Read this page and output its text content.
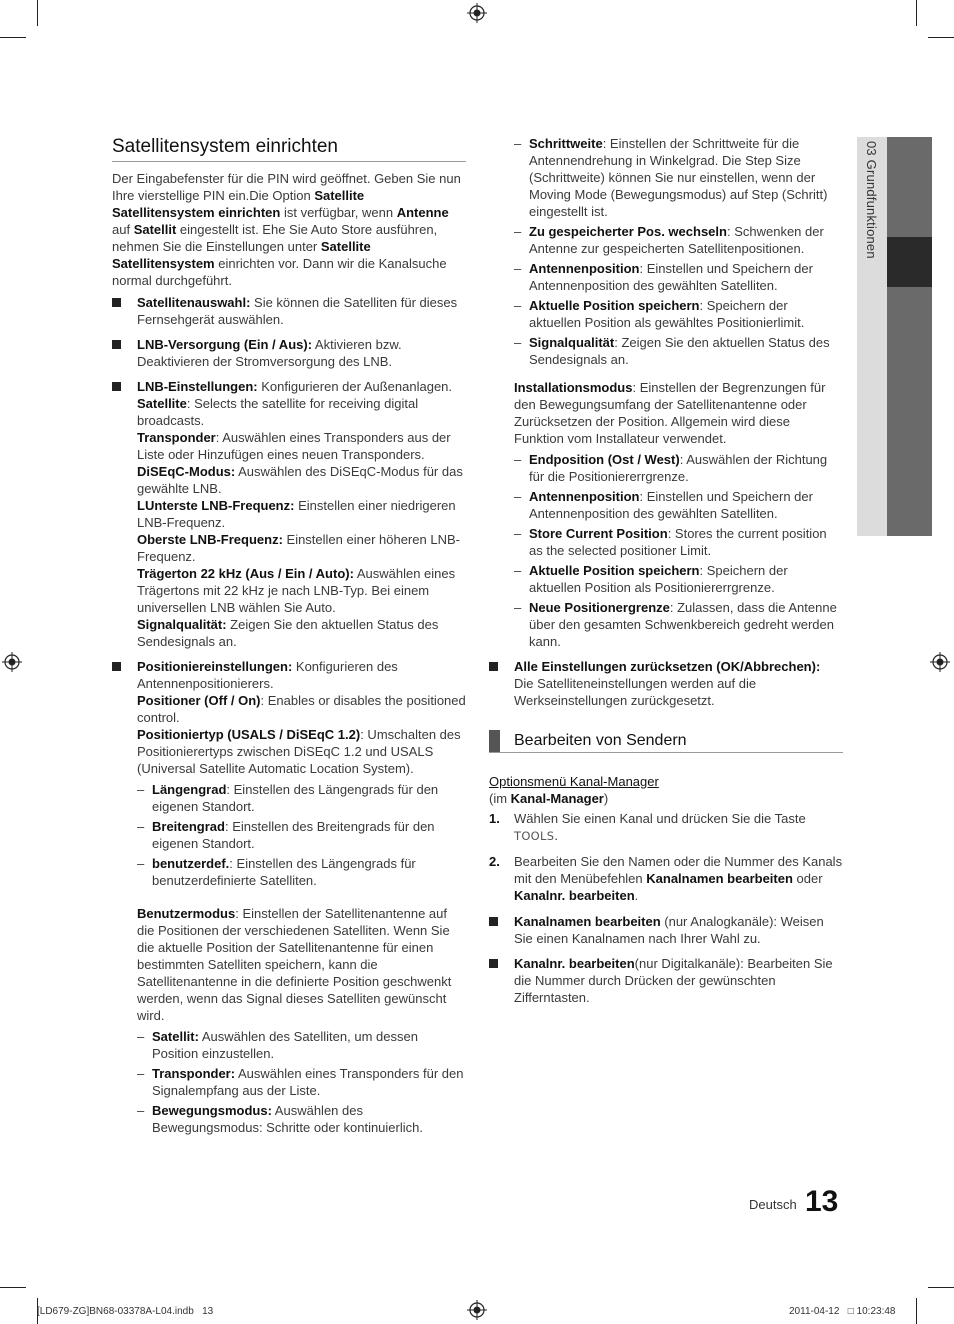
03 Grundfunktionen
Satellitensystem einrichten

Der Eingabefenster für die PIN wird geöffnet. Geben Sie nun Ihre vierstellige PIN ein.Die Option Satellite Satellitensystem einrichten ist verfügbar, wenn Antenne auf Satellit eingestellt ist. Ehe Sie Auto Store ausführen, nehmen Sie die Einstellungen unter Satellite Satellitensystem einrichten vor. Dann wir die Kanalsuche normal durchgeführt.

Satellitenauswahl: Sie können die Satelliten für dieses Fernsehgerät auswählen.

LNB-Versorgung (Ein / Aus): Aktivieren bzw. Deaktivieren der Stromversorgung des LNB.

LNB-Einstellungen: Konfigurieren der Außenanlagen.

Satellite: Selects the satellite for receiving digital broadcasts.

Transponder: Auswählen eines Transponders aus der Liste oder Hinzufügen eines neuen Transponders.

DiSEqC-Modus: Auswählen des DiSEqC-Modus für das gewählte LNB.

LUnterste LNB-Frequenz: Einstellen einer niedrigeren LNB-Frequenz.

Oberste LNB-Frequenz: Einstellen einer höheren LNB-Frequenz.

Trägerton 22 kHz (Aus / Ein / Auto): Auswählen eines Trägertons mit 22 kHz je nach LNB-Typ. Bei einem universellen LNB wählen Sie Auto.

Signalqualität: Zeigen Sie den aktuellen Status des Sendesignals an.

Positioniereinstellungen: Konfigurieren des Antennenpositionierers.

Positioner (Off / On): Enables or disables the positioned control.

Positioniertyp (USALS / DiSEqC 1.2): Umschalten des Positionierertyps zwischen DiSEqC 1.2 und USALS (Universal Satellite Automatic Location System).

– Längengrad: Einstellen des Längengrads für den eigenen Standort.

– Breitengrad: Einstellen des Breitengrads für den eigenen Standort.

– benutzerdef.: Einstellen des Längengrads für benutzerdefinierte Satelliten.

Benutzermodus: Einstellen der Satellitenantenne auf die Positionen der verschiedenen Satelliten. Wenn Sie die aktuelle Position der Satellitenantenne für einen bestimmten Satelliten speichern, kann die Satellitenantenne in die definierte Position geschwenkt werden, wenn das Signal dieses Satelliten gewünscht wird.

– Satellit: Auswählen des Satelliten, um dessen Position einzustellen.

– Transponder: Auswählen eines Transponders für den Signalempfang aus der Liste.

– Bewegungsmodus: Auswählen des Bewegungsmodus: Schritte oder kontinuierlich.

– Schrittweite: Einstellen der Schrittweite für die Antennendrehung in Winkelgrad. Die Step Size (Schrittweite) können Sie nur einstellen, wenn der Moving Mode (Bewegungsmodus) auf Step (Schritt) eingestellt ist.

– Zu gespeicherter Pos. wechseln: Schwenken der Antenne zur gespeicherten Satellitenpositionen.

– Antennenposition: Einstellen und Speichern der Antennenposition des gewählten Satelliten.

– Aktuelle Position speichern: Speichern der aktuellen Position als gewähltes Positionierlimit.

– Signalqualität: Zeigen Sie den aktuellen Status des Sendesignals an.

Installationsmodus: Einstellen der Begrenzungen für den Bewegungsumfang der Satellitenantenne oder Zurücksetzen der Position. Allgemein wird diese Funktion vom Installateur verwendet.

– Endposition (Ost / West): Auswählen der Richtung für die Positioniererrgrenze.

– Antennenposition: Einstellen und Speichern der Antennenposition des gewählten Satelliten.

– Store Current Position: Stores the current position as the selected positioner Limit.

– Aktuelle Position speichern: Speichern der aktuellen Position als Positioniererrgrenze.

– Neue Positionergrenze: Zulassen, dass die Antenne über den gesamten Schwenkbereich gedreht werden kann.

Alle Einstellungen zurücksetzen (OK/Abbrechen):

Die Satelliteneinstellungen werden auf die Werkseinstellungen zurückgesetzt.

Bearbeiten von Sendern

Optionsmenü Kanal-Manager

(im Kanal-Manager)

1. Wählen Sie einen Kanal und drücken Sie die Taste TOOLS.

2. Bearbeiten Sie den Namen oder die Nummer des Kanals mit den Menübefehlen Kanalnamen bearbeiten oder Kanalnr. bearbeiten.

Kanalnamen bearbeiten (nur Analogkanäle): Weisen Sie einen Kanalnamen nach Ihrer Wahl zu.

Kanalnr. bearbeiten(nur Digitalkanäle): Bearbeiten Sie die Nummer durch Drücken der gewünschten Zifferntasten.

Deutsch 13
[LD679-ZG]BN68-03378A-L04.indb   13	2011-04-12   □ 10:23:48
